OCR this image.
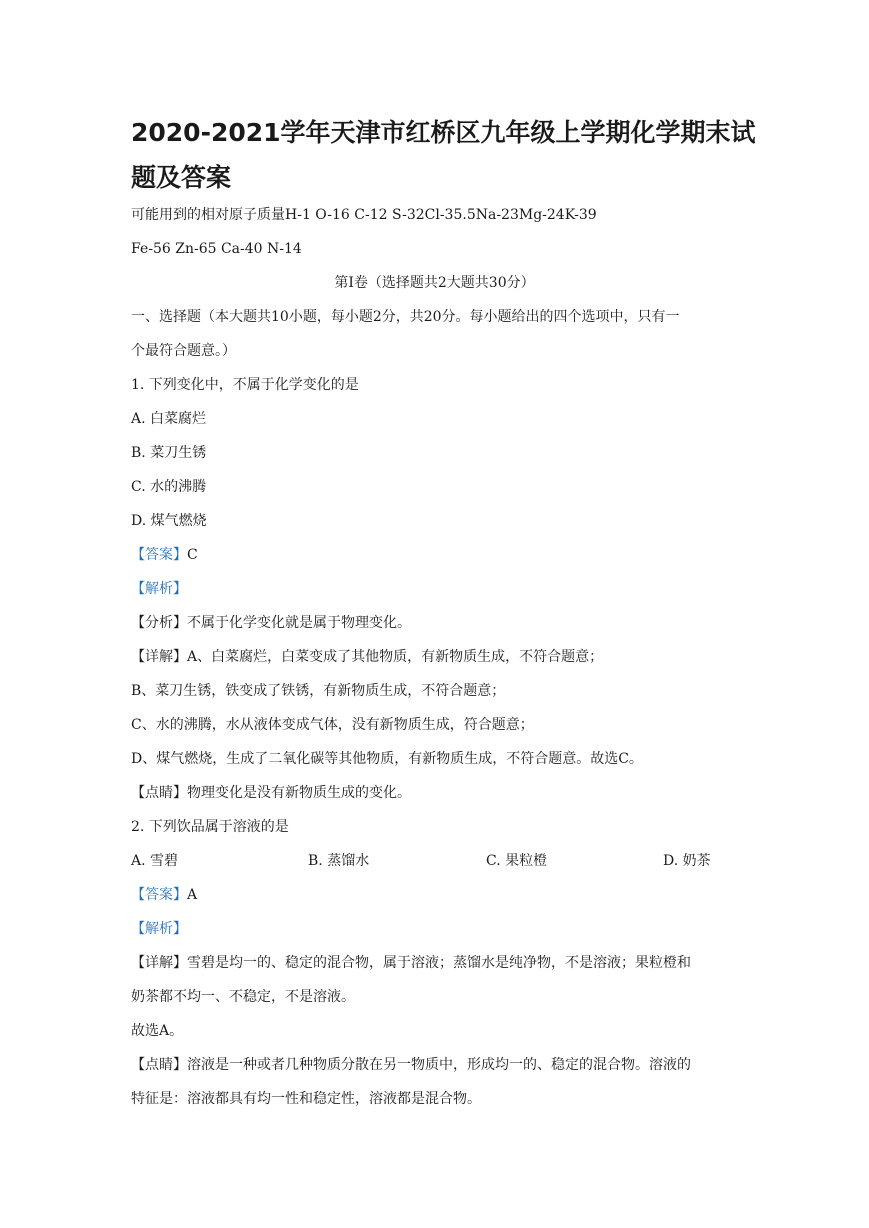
2020-2021学年天津市红桥区九年级上学期化学期末试题及答案
可能用到的相对原子质量H-1 O-16 C-12 S-32Cl-35.5Na-23Mg-24K-39
Fe-56 Zn-65 Ca-40 N-14
第Ⅰ卷（选择题共2大题共30分）
一、选择题（本大题共10小题，每小题2分，共20分。每小题给出的四个选项中，只有一
个最符合题意。）
1. 下列变化中，不属于化学变化的是
A. 白菜腐烂
B. 菜刀生锈
C. 水的沸腾
D. 煤气燃烧
【答案】C
【解析】
【分析】不属于化学变化就是属于物理变化。
【详解】A、白菜腐烂，白菜变成了其他物质，有新物质生成，不符合题意；
B、菜刀生锈，铁变成了铁锈，有新物质生成，不符合题意；
C、水的沸腾，水从液体变成气体，没有新物质生成，符合题意；
D、煤气燃烧，生成了二氧化碳等其他物质，有新物质生成，不符合题意。故选C。
【点睛】物理变化是没有新物质生成的变化。
2. 下列饮品属于溶液的是
A. 雪碧	B. 蒸馏水	C. 果粒橙	D. 奶茶
【答案】A
【解析】
【详解】雪碧是均一的、稳定的混合物，属于溶液；蒸馏水是纯净物，不是溶液；果粒橙和
奶茶都不均一、不稳定，不是溶液。
故选A。
【点睛】溶液是一种或者几种物质分散在另一物质中，形成均一的、稳定的混合物。溶液的
特征是：溶液都具有均一性和稳定性，溶液都是混合物。
